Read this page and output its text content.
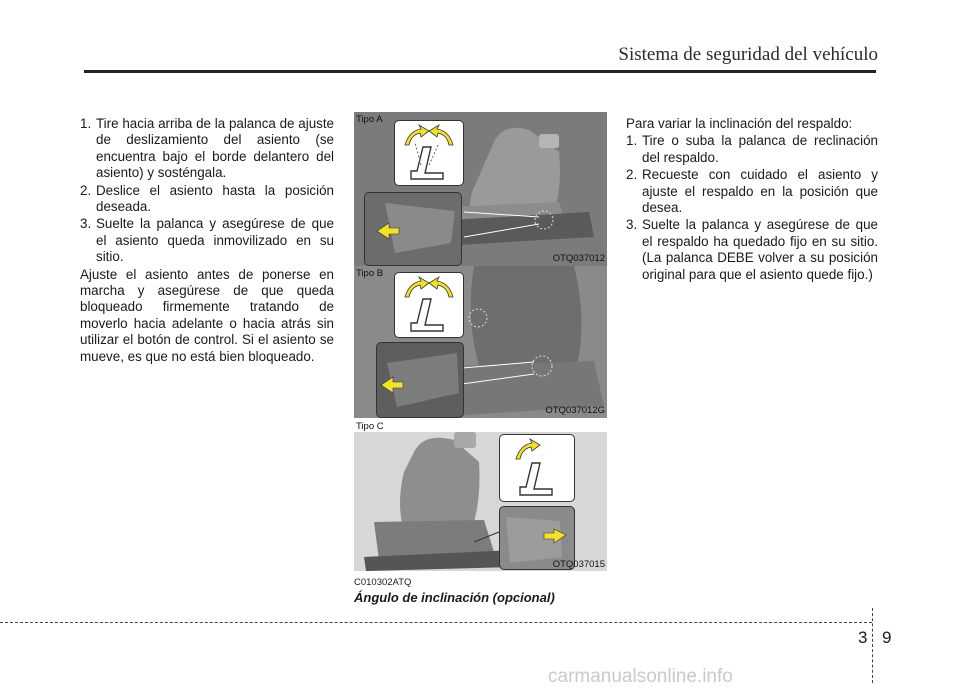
Sistema de seguridad del vehículo
1. Tire hacia arriba de la palanca de ajuste de deslizamiento del asiento (se encuentra bajo el borde delantero del asiento) y sosténgala.
2. Deslice el asiento hasta la posición deseada.
3. Suelte la palanca y asegúrese de que el asiento queda inmovilizado en su sitio.

Ajuste el asiento antes de ponerse en marcha y asegúrese de que queda bloqueado firmemente tratando de moverlo hacia adelante o hacia atrás sin utilizar el botón de control. Si el asiento se mueve, es que no está bien bloqueado.

Tipo A
OTQ037012
Tipo B
OTQ037012G
Tipo C
OTQ037015
C010302ATQ
Ángulo de inclinación (opcional)

Para variar la inclinación del respaldo:

1. Tire o suba la palanca de reclinación del respaldo.
2. Recueste con cuidado el asiento y ajuste el respaldo en la posición que desea.
3. Suelte la palanca y asegúrese de que el respaldo ha quedado fijo en su sitio. (La palanca DEBE volver a su posición original para que el asiento quede fijo.)
3 9
carmanualsonline.info
